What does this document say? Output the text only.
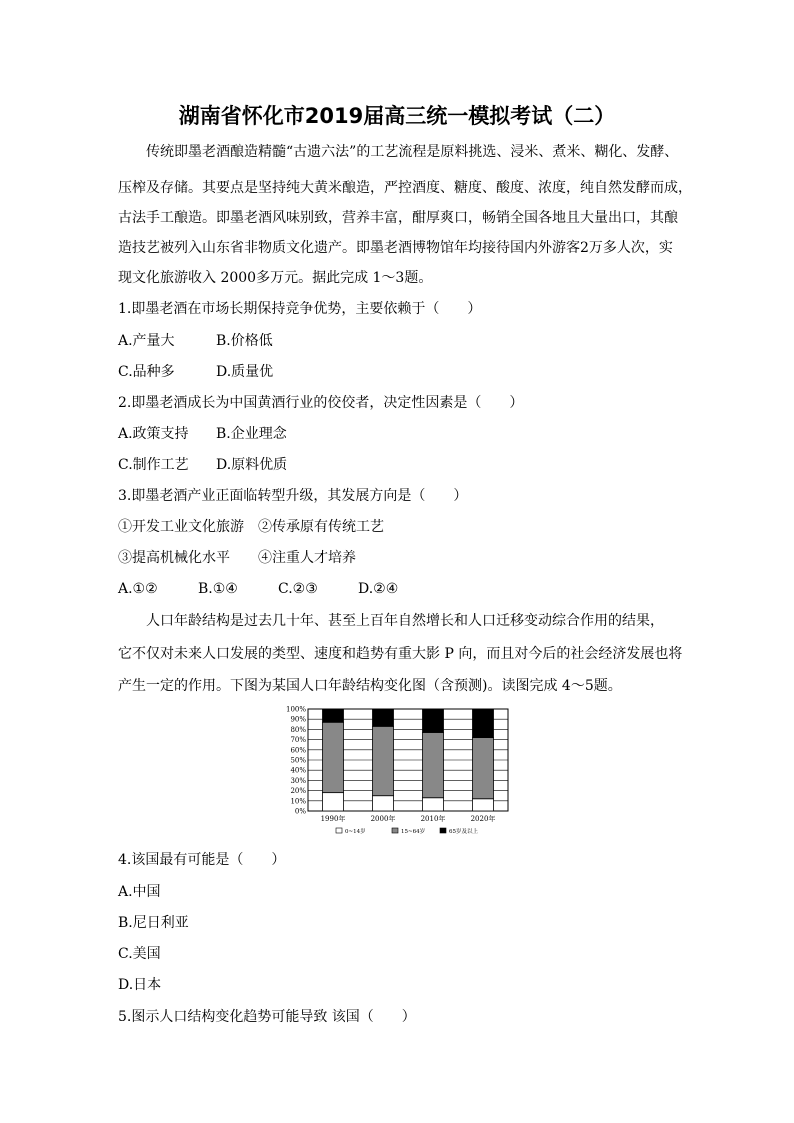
湖南省怀化市2019届高三统一模拟考试（二）
传统即墨老酒酿造精髓“古遗六法”的工艺流程是原料挑选、浸米、煮米、糊化、发酵、
压榨及存储。其要点是坚持纯大黄米酿造，严控酒度、糖度、酸度、浓度，纯自然发酵而成，
古法手工酿造。即墨老酒风味别致，营养丰富，酣厚爽口，畅销全国各地且大量出口，其酿
造技艺被列入山东省非物质文化遗产。即墨老酒博物馆年均接待国内外游客2万多人次，实
现文化旅游收入 2000多万元。据此完成 1～3题。
1.即墨老酒在市场长期保持竞争优势，主要依赖于（　　）
A.产量大	B.价格低
C.品种多	D.质量优
2.即墨老酒成长为中国黄酒行业的佼佼者，决定性因素是（　　）
A.政策支持 B.企业理念
C.制作工艺 D.原料优质
3.即墨老酒产业正面临转型升级，其发展方向是（　　）
①开发工业文化旅游 ②传承原有传统工艺
③提高机械化水平 ④注重人才培养
A.①②	B.①④	C.②③	D.②④
人口年龄结构是过去几十年、甚至上百年自然增长和人口迁移变动综合作用的结果，
它不仅对未来人口发展的类型、速度和趋势有重大影 P 向，而且对今后的社会经济发展也将
产生一定的作用。下图为某国人口年龄结构变化图（含预测)。读图完成 4～5题。
0%
10%
20%
30%
40%
50%
60%
70%
80%
90%
100%
1990年	2000年	2010年	2020年
0~14岁	15~64岁	65岁及以上
4.该国最有可能是（　　）
A.中国
B.尼日利亚
C.美国
D.日本
5.图示人口结构变化趋势可能导致 该国（　　）
